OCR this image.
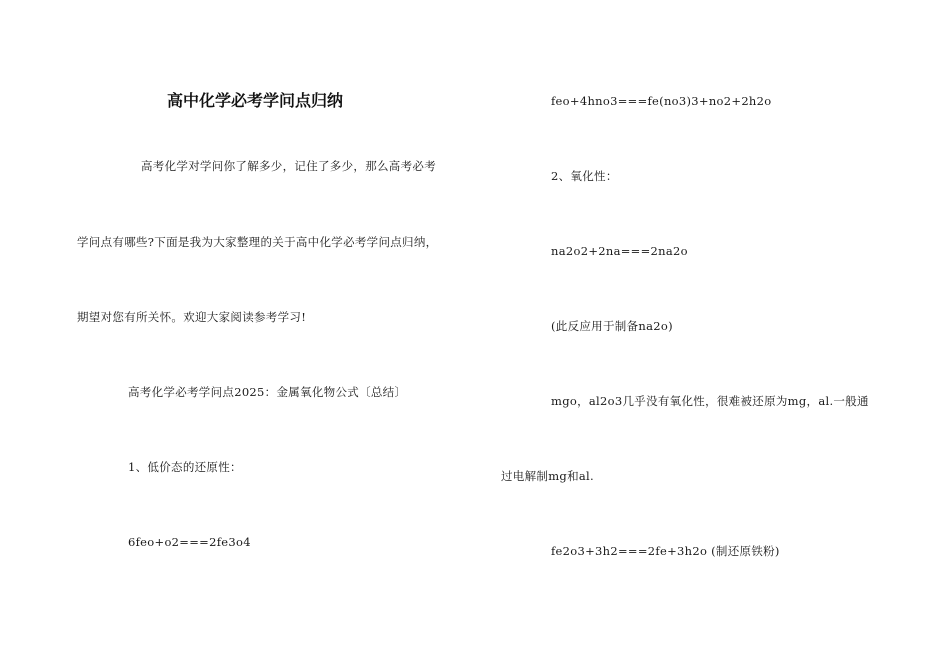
高中化学必考学问点归纳
高考化学对学问你了解多少，记住了多少，那么高考必考
学问点有哪些?下面是我为大家整理的关于高中化学必考学问点归纳，
期望对您有所关怀。欢迎大家阅读参考学习!
高考化学必考学问点2025：金属氧化物公式〔总结〕
1、低价态的还原性：
6feo+o2===2fe3o4
feo+4hno3===fe(no3)3+no2+2h2o
2、氧化性：
na2o2+2na===2na2o
(此反应用于制备na2o)
mgo，al2o3几乎没有氧化性，很难被还原为mg，al.一般通
过电解制mg和al.
fe2o3+3h2===2fe+3h2o (制还原铁粉)
